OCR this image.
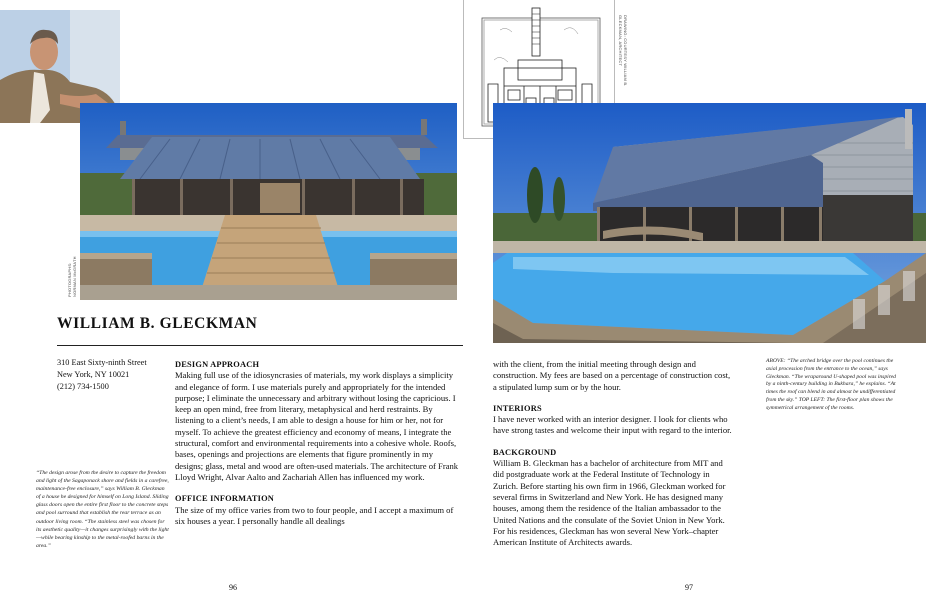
PHOTOGRAPHS: NORMAN McGRATH
WILLIAM B. GLECKMAN
310 East Sixty-ninth Street
New York, NY 10021
(212) 734-1500
“The design arose from the desire to capture the freedom and light of the Sagaponack shore and fields in a carefree, maintenance-free enclosure,” says William B. Gleckman of a house he designed for himself on Long Island. Sliding glass doors open the entire first floor to the concrete steps and pool surround that establish the rear terrace as an outdoor living room. “The stainless steel was chosen for its aesthetic quality—it changes surprisingly with the light—while bearing kinship to the metal-roofed barns in the area.”

DESIGN APPROACH

Making full use of the idiosyncrasies of materials, my work displays a simplicity and elegance of form. I use materials purely and appropriately for the intended purpose; I eliminate the unnecessary and arbitrary without losing the capricious. I keep an open mind, free from literary, metaphysical and herd restraints. By listening to a client’s needs, I am able to design a house for him or her, not for myself. To achieve the greatest efficiency and economy of means, I integrate the structural, comfort and environmental requirements into a cohesive whole. Roofs, bases, openings and projections are elements that figure prominently in my designs; glass, metal and wood are often-used materials. The architecture of Frank Lloyd Wright, Alvar Aalto and Zachariah Allen has influenced my work.

OFFICE INFORMATION

The size of my office varies from two to four people, and I accept a maximum of six houses a year. I personally handle all dealings

96
DRAWING: COURTESY WILLIAM B. GLECKMAN, ARCHITECT

with the client, from the initial meeting through design and construction. My fees are based on a percentage of construction cost, a stipulated lump sum or by the hour.

INTERIORS

I have never worked with an interior designer. I look for clients who have strong tastes and welcome their input with regard to the interior.

BACKGROUND

William B. Gleckman has a bachelor of architecture from MIT and did postgraduate work at the Federal Institute of Technology in Zurich. Before starting his own firm in 1966, Gleckman worked for several firms in Switzerland and New York. He has designed many houses, among them the residence of the Italian ambassador to the United Nations and the consulate of the Soviet Union in New York. For his residences, Gleckman has won several New York–chapter American Institute of Architects awards.

ABOVE: “The arched bridge over the pool continues the axial procession from the entrance to the ocean,” says Gleckman. “The wraparound U-shaped pool was inspired by a ninth-century building in Bukhara,” he explains. “At times the roof can blend in and almost be undifferentiated from the sky.” TOP LEFT: The first-floor plan shows the symmetrical arrangement of the rooms.
97
